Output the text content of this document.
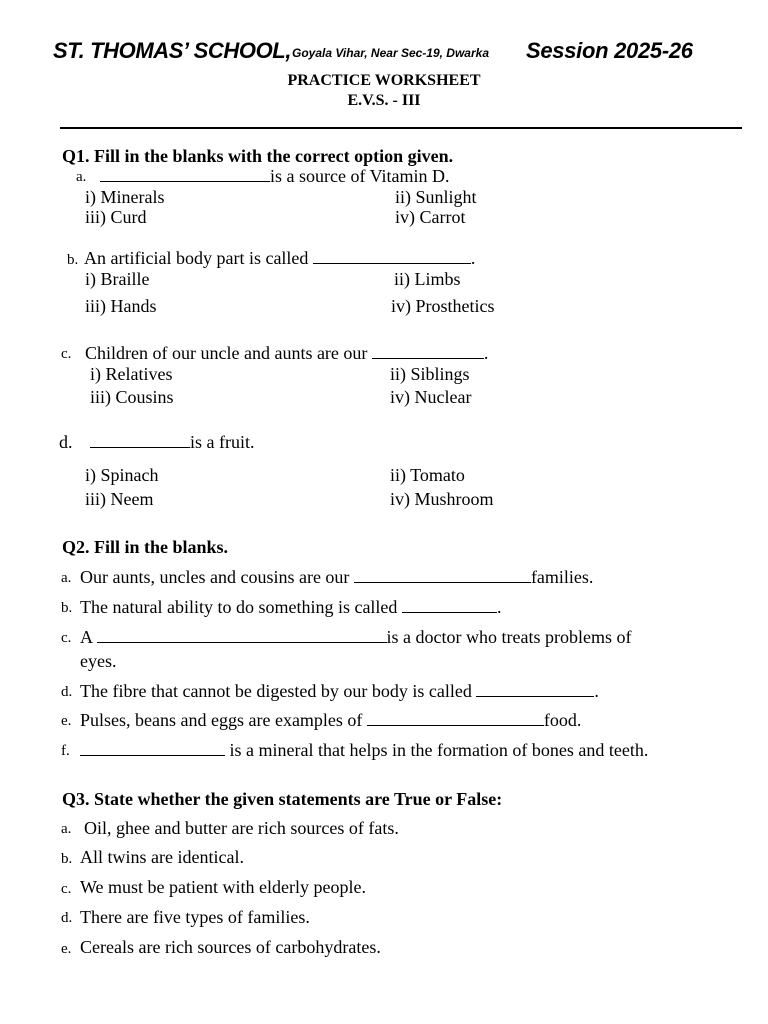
ST. THOMAS’ SCHOOL, Goyala Vihar, Near Sec-19, Dwarka Session 2025-26
PRACTICE WORKSHEET
E.V.S. - III
Q1. Fill in the blanks with the correct option given.
a.	is a source of Vitamin D.
i) Minerals	ii) Sunlight
iii) Curd	iv) Carrot
b. An artificial body part is called	.
i) Braille	ii) Limbs
iii) Hands	iv) Prosthetics
c. Children of our uncle and aunts are our	.
i) Relatives	ii) Siblings
iii) Cousins	iv) Nuclear
d.	is a fruit.
i) Spinach	ii) Tomato
iii) Neem	iv) Mushroom
Q2. Fill in the blanks.
a. Our aunts, uncles and cousins are our	families.
b. The natural ability to do something is called	.
c. A	is a doctor who treats problems of
eyes.
d. The fibre that cannot be digested by our body is called	.
e. Pulses, beans and eggs are examples of	food.
f.	is a mineral that helps in the formation of bones and teeth.
Q3. State whether the given statements are True or False:
a. Oil, ghee and butter are rich sources of fats.
b. All twins are identical.
c. We must be patient with elderly people.
d. There are five types of families.
e. Cereals are rich sources of carbohydrates.
